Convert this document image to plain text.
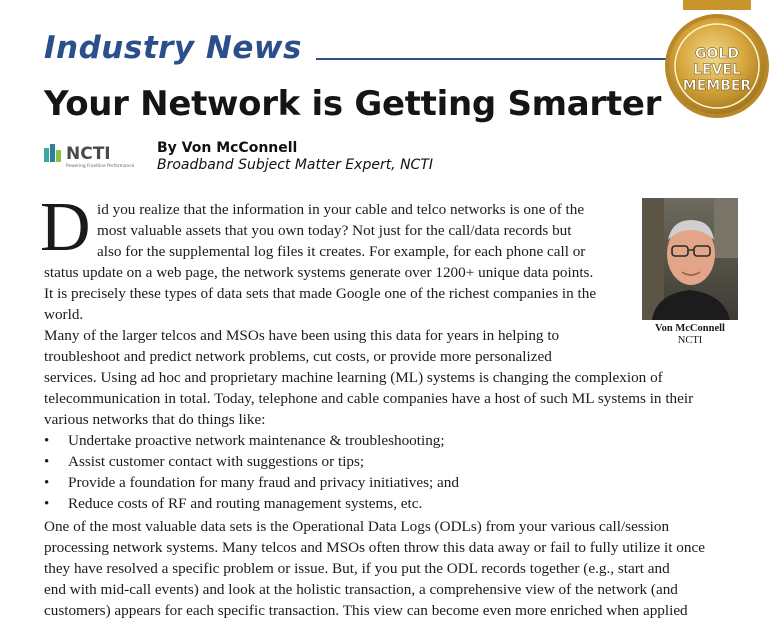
Industry News
Your Network is Getting Smarter
GOLD
LEVEL
MEMBER
NCTI
Powering Frontline Performance
By Von McConnell
Broadband Subject Matter Expert, NCTI
D id you realize that the information in your cable and telco networks is one of the
most valuable assets that you own today? Not just for the call/data records but
also for the supplemental log files it creates. For example, for each phone call or
status update on a web page, the network systems generate over 1200+ unique data points.
It is precisely these types of data sets that made Google one of the richest companies in the
world.
Von McConnell
NCTI
Many of the larger telcos and MSOs have been using this data for years in helping to
troubleshoot and predict network problems, cut costs, or provide more personalized
services. Using ad hoc and proprietary machine learning (ML) systems is changing the complexion of
telecommunication in total. Today, telephone and cable companies have a host of such ML systems in their
various networks that do things like:
• Undertake proactive network maintenance & troubleshooting;
• Assist customer contact with suggestions or tips;
• Provide a foundation for many fraud and privacy initiatives; and
• Reduce costs of RF and routing management systems, etc.
One of the most valuable data sets is the Operational Data Logs (ODLs) from your various call/session
processing network systems. Many telcos and MSOs often throw this data away or fail to fully utilize it once
they have resolved a specific problem or issue. But, if you put the ODL records together (e.g., start and
end with mid-call events) and look at the holistic transaction, a comprehensive view of the network (and
customers) appears for each specific transaction. This view can become even more enriched when applied
